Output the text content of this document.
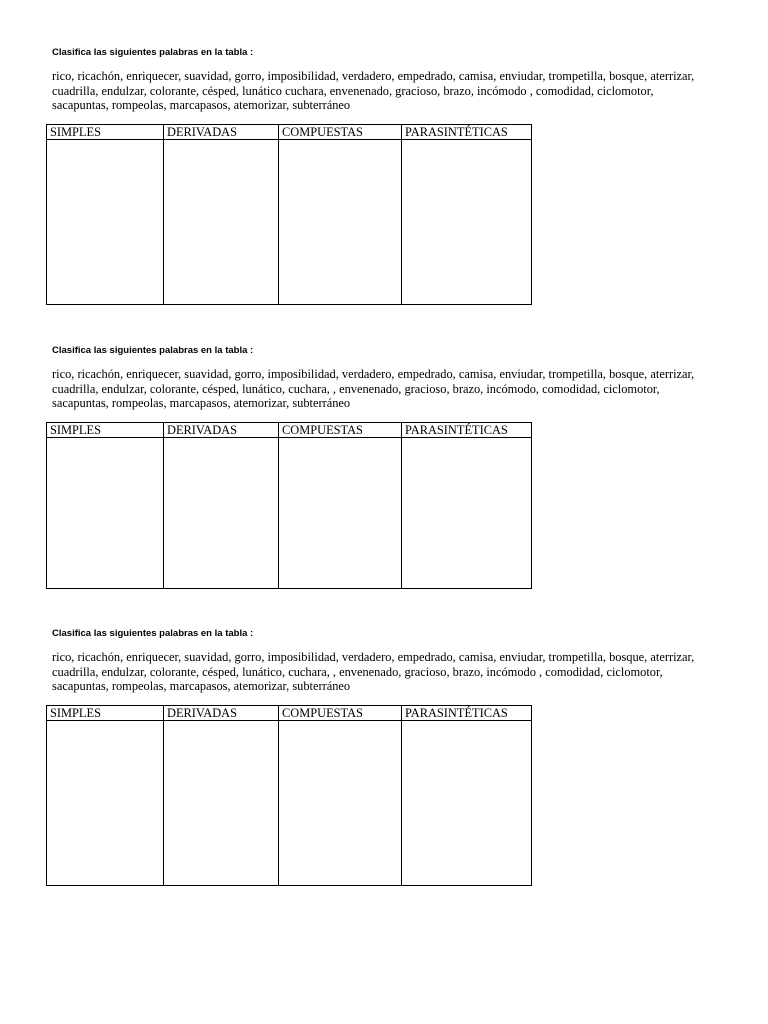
Clasifica las siguientes palabras en la tabla :
rico, ricachón, enriquecer, suavidad, gorro, imposibilidad, verdadero, empedrado, camisa, enviudar, trompetilla, bosque, aterrizar,
cuadrilla, endulzar, colorante, césped, lunático cuchara, envenenado, gracioso, brazo, incómodo , comodidad, ciclomotor,
sacapuntas, rompeolas, marcapasos, atemorizar, subterráneo
SIMPLES	DERIVADAS	COMPUESTAS	PARASINTÉTICAS

Clasifica las siguientes palabras en la tabla :
rico, ricachón, enriquecer, suavidad, gorro, imposibilidad, verdadero, empedrado, camisa, enviudar, trompetilla, bosque, aterrizar,
cuadrilla, endulzar, colorante, césped, lunático, cuchara, , envenenado, gracioso, brazo, incómodo, comodidad, ciclomotor,
sacapuntas, rompeolas, marcapasos, atemorizar, subterráneo
SIMPLES	DERIVADAS	COMPUESTAS	PARASINTÉTICAS

Clasifica las siguientes palabras en la tabla :
rico, ricachón, enriquecer, suavidad, gorro, imposibilidad, verdadero, empedrado, camisa, enviudar, trompetilla, bosque, aterrizar,
cuadrilla, endulzar, colorante, césped, lunático, cuchara, , envenenado, gracioso, brazo, incómodo , comodidad, ciclomotor,
sacapuntas, rompeolas, marcapasos, atemorizar, subterráneo
SIMPLES	DERIVADAS	COMPUESTAS	PARASINTÉTICAS
